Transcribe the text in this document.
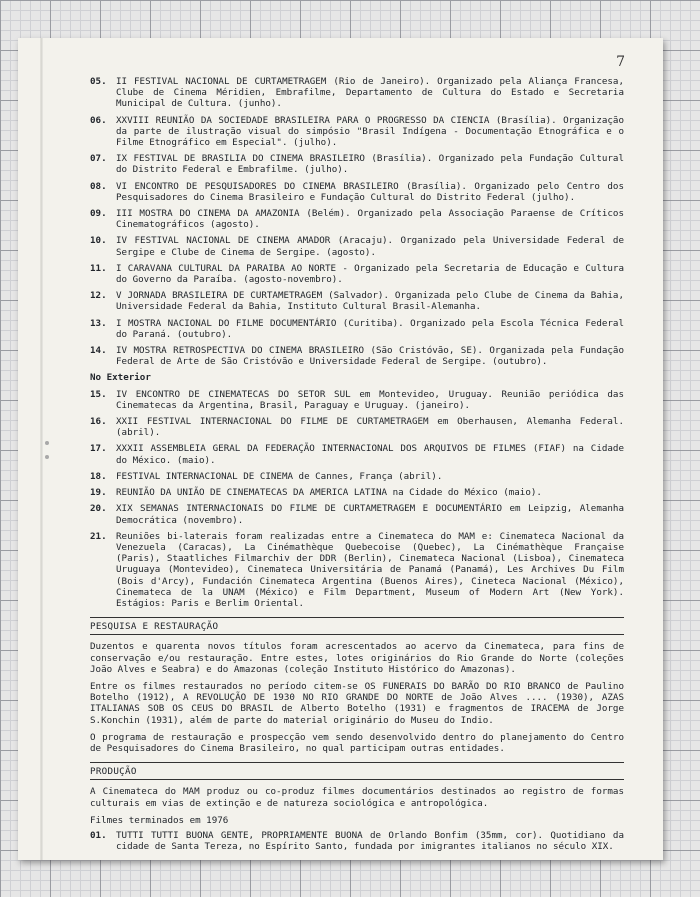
7
05.	II FESTIVAL NACIONAL DE CURTAMETRAGEM (Rio de Janeiro). Organizado pela Aliança Francesa, Clube de Cinema Méridien, Embrafilme, Departamento de Cultura do Estado e Secretaria Municipal de Cultura. (junho).
06.	XXVIII REUNIÃO DA SOCIEDADE BRASILEIRA PARA O PROGRESSO DA CIENCIA (Brasília). Organização da parte de ilustração visual do simpósio "Brasil Indígena - Documentação Etnográfica e o Filme Etnográfico em Especial". (julho).
07.	IX FESTIVAL DE BRASILIA DO CINEMA BRASILEIRO (Brasília). Organizado pela Fundação Cultural do Distrito Federal e Embrafilme. (julho).
08.	VI ENCONTRO DE PESQUISADORES DO CINEMA BRASILEIRO (Brasília). Organizado pelo Centro dos Pesquisadores do Cinema Brasileiro e Fundação Cultural do Distrito Federal (julho).
09.	III MOSTRA DO CINEMA DA AMAZONIA (Belém). Organizado pela Associação Paraense de Críticos Cinematográficos (agosto).
10.	IV FESTIVAL NACIONAL DE CINEMA AMADOR (Aracaju). Organizado pela Universidade Federal de Sergipe e Clube de Cinema de Sergipe. (agosto).
11.	I CARAVANA CULTURAL DA PARAIBA AO NORTE - Organizado pela Secretaria de Educação e Cultura do Governo da Paraíba. (agosto-novembro).
12.	V JORNADA BRASILEIRA DE CURTAMETRAGEM (Salvador). Organizada pelo Clube de Cinema da Bahia, Universidade Federal da Bahia, Instituto Cultural Brasil-Alemanha.
13.	I MOSTRA NACIONAL DO FILME DOCUMENTÁRIO (Curitiba). Organizado pela Escola Técnica Federal do Paraná. (outubro).
14.	IV MOSTRA RETROSPECTIVA DO CINEMA BRASILEIRO (São Cristóvão, SE). Organizada pela Fundação Federal de Arte de São Cristóvão e Universidade Federal de Sergipe. (outubro).
No Exterior
15.	IV ENCONTRO DE CINEMATECAS DO SETOR SUL em Montevideo, Uruguay. Reunião periódica das Cinematecas da Argentina, Brasil, Paraguay e Uruguay. (janeiro).
16.	XXII FESTIVAL INTERNACIONAL DO FILME DE CURTAMETRAGEM em Oberhausen, Alemanha Federal. (abril).
17.	XXXII ASSEMBLEIA GERAL DA FEDERAÇÃO INTERNACIONAL DOS ARQUIVOS DE FILMES (FIAF) na Cidade do México. (maio).
18.	FESTIVAL INTERNACIONAL DE CINEMA de Cannes, França (abril).
19.	REUNIÃO DA UNIÃO DE CINEMATECAS DA AMERICA LATINA na Cidade do México (maio).
20.	XIX SEMANAS INTERNACIONAIS DO FILME DE CURTAMETRAGEM E DOCUMENTÁRIO em Leipzig, Alemanha Democrática (novembro).
21.	Reuniões bi-laterais foram realizadas entre a Cinemateca do MAM e: Cinemateca Nacional da Venezuela (Caracas), La Cinémathèque Quebecoise (Quebec), La Cinémathèque Française (Paris), Staatliches Filmarchiv der DDR (Berlin), Cinemateca Nacional (Lisboa), Cinemateca Uruguaya (Montevideo), Cinemateca Universitária de Panamá (Panamá), Les Archives Du Film (Bois d'Arcy), Fundación Cinemateca Argentina (Buenos Aires), Cineteca Nacional (México), Cinemateca de la UNAM (México) e Film Department, Museum of Modern Art (New York). Estágios: Paris e Berlim Oriental.
PESQUISA E RESTAURAÇÃO

Duzentos e quarenta novos títulos foram acrescentados ao acervo da Cinemateca, para fins de conservação e/ou restauração. Entre estes, lotes originários do Rio Grande do Norte (coleções João Alves e Seabra) e do Amazonas (coleção Instituto Histórico do Amazonas).

Entre os filmes restaurados no período citem-se OS FUNERAIS DO BARÃO DO RIO BRANCO de Paulino Botelho (1912), A REVOLUÇÃO DE 1930 NO RIO GRANDE DO NORTE de João Alves .... (1930), AZAS ITALIANAS SOB OS CEUS DO BRASIL de Alberto Botelho (1931) e fragmentos de IRACEMA de Jorge S.Konchin (1931), além de parte do material originário do Museu do Indio.

O programa de restauração e prospecção vem sendo desenvolvido dentro do planejamento do Centro de Pesquisadores do Cinema Brasileiro, no qual participam outras entidades.

PRODUÇÃO

A Cinemateca do MAM produz ou co-produz filmes documentários destinados ao registro de formas culturais em vias de extinção e de natureza sociológica e antropológica.

Filmes terminados em 1976
01.	TUTTI TUTTI BUONA GENTE, PROPRIAMENTE BUONA de Orlando Bonfim (35mm, cor). Quotidiano da cidade de Santa Tereza, no Espírito Santo, fundada por imigrantes italianos no século XIX.
